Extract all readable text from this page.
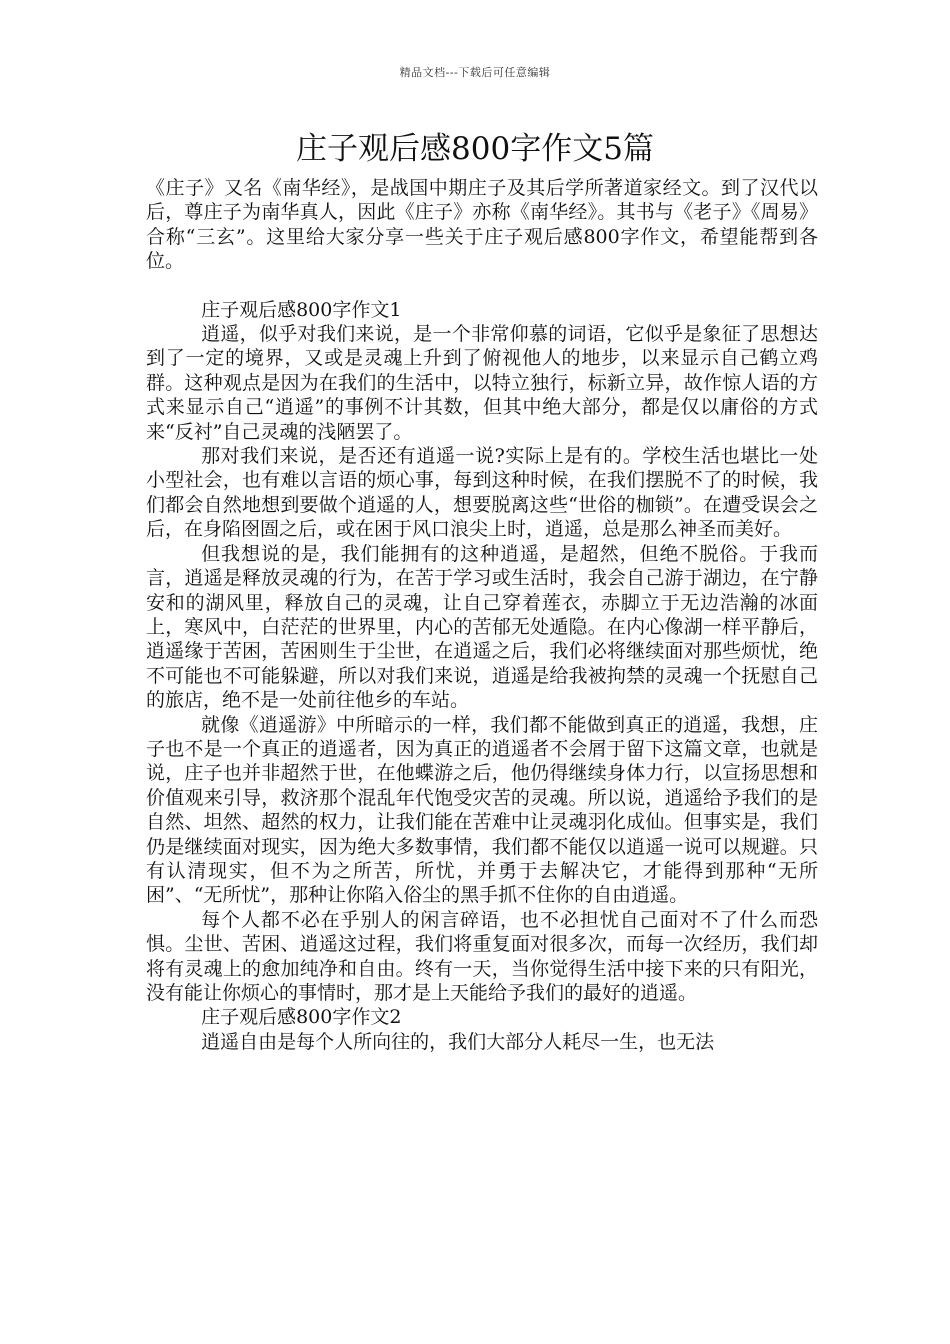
精品文档---下载后可任意编辑
庄子观后感800字作文5篇

《庄子》又名《南华经》，是战国中期庄子及其后学所著道家经文。到了汉代以后，尊庄子为南华真人，因此《庄子》亦称《南华经》。其书与《老子》《周易》合称“三玄”。这里给大家分享一些关于庄子观后感800字作文，希望能帮到各位。

庄子观后感800字作文1

逍遥，似乎对我们来说，是一个非常仰慕的词语，它似乎是象征了思想达到了一定的境界，又或是灵魂上升到了俯视他人的地步，以来显示自己鹤立鸡群。这种观点是因为在我们的生活中，以特立独行，标新立异，故作惊人语的方式来显示自己“逍遥”的事例不计其数，但其中绝大部分，都是仅以庸俗的方式来“反衬”自己灵魂的浅陋罢了。

那对我们来说，是否还有逍遥一说?实际上是有的。学校生活也堪比一处小型社会，也有难以言语的烦心事，每到这种时候，在我们摆脱不了的时候，我们都会自然地想到要做个逍遥的人，想要脱离这些“世俗的枷锁”。在遭受误会之后，在身陷囹圄之后，或在困于风口浪尖上时，逍遥，总是那么神圣而美好。

但我想说的是，我们能拥有的这种逍遥，是超然，但绝不脱俗。于我而言，逍遥是释放灵魂的行为，在苦于学习或生活时，我会自己游于湖边，在宁静安和的湖风里，释放自己的灵魂，让自己穿着莲衣，赤脚立于无边浩瀚的冰面上，寒风中，白茫茫的世界里，内心的苦郁无处遁隐。在内心像湖一样平静后，逍遥缘于苦困，苦困则生于尘世，在逍遥之后，我们必将继续面对那些烦忧，绝不可能也不可能躲避，所以对我们来说，逍遥是给我被拘禁的灵魂一个抚慰自己的旅店，绝不是一处前往他乡的车站。

就像《逍遥游》中所暗示的一样，我们都不能做到真正的逍遥，我想，庄子也不是一个真正的逍遥者，因为真正的逍遥者不会屑于留下这篇文章，也就是说，庄子也并非超然于世，在他蝶游之后，他仍得继续身体力行，以宣扬思想和价值观来引导，救济那个混乱年代饱受灾苦的灵魂。所以说，逍遥给予我们的是自然、坦然、超然的权力，让我们能在苦难中让灵魂羽化成仙。但事实是，我们仍是继续面对现实，因为绝大多数事情，我们都不能仅以逍遥一说可以规避。只有认清现实，但不为之所苦，所忧，并勇于去解决它，才能得到那种“无所困”、“无所忧”，那种让你陷入俗尘的黑手抓不住你的自由逍遥。

每个人都不必在乎别人的闲言碎语，也不必担忧自己面对不了什么而恐惧。尘世、苦困、逍遥这过程，我们将重复面对很多次，而每一次经历，我们却将有灵魂上的愈加纯净和自由。终有一天，当你觉得生活中接下来的只有阳光，没有能让你烦心的事情时，那才是上天能给予我们的最好的逍遥。

庄子观后感800字作文2

逍遥自由是每个人所向往的，我们大部分人耗尽一生，也无法
